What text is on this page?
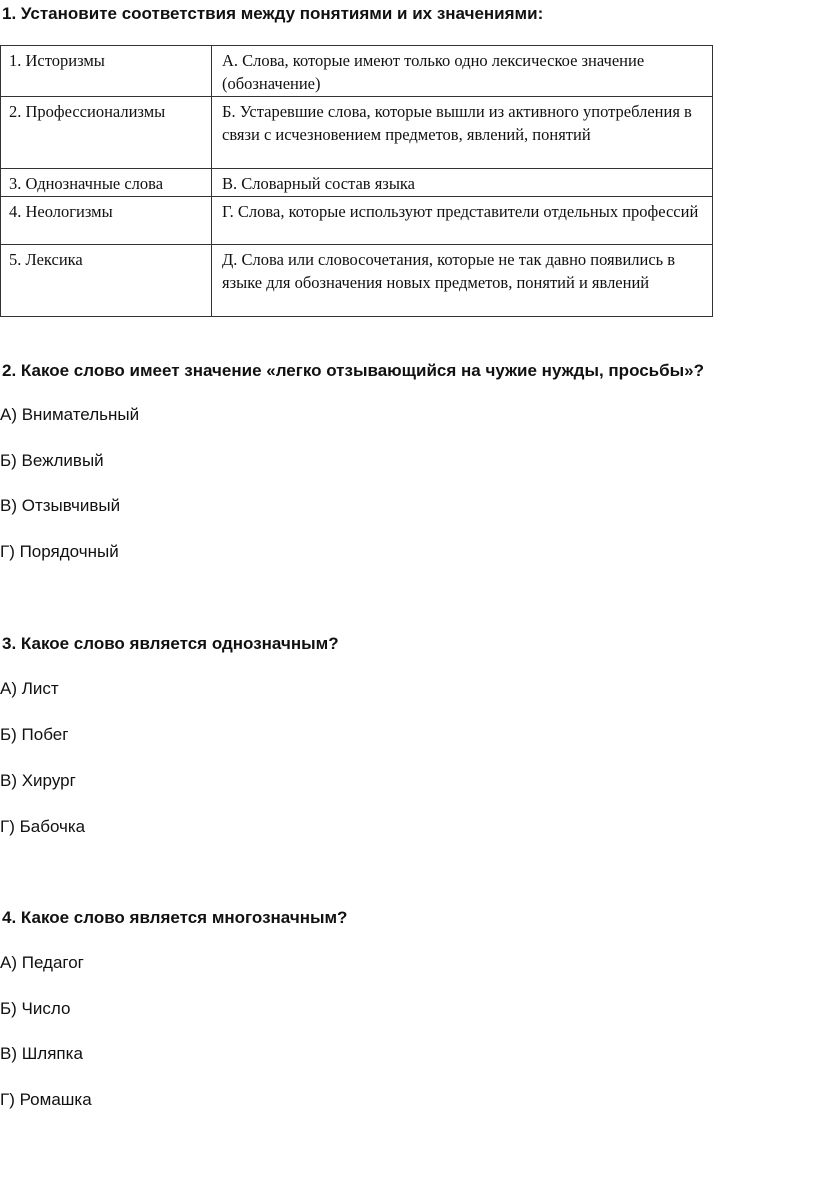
1. Установите соответствия между понятиями и их значениями:
1. Историзмы	А. Слова, которые имеют только одно лексическое значение (обозначение)
2. Профессионализмы	Б. Устаревшие слова, которые вышли из активного употребления в связи с исчезновением предметов, явлений, понятий
3. Однозначные слова	В. Словарный состав языка
4. Неологизмы	Г. Слова, которые используют представители отдельных профессий
5. Лексика	Д. Слова или словосочетания, которые не так давно появились в языке для обозначения новых предметов, понятий и явлений
2. Какое слово имеет значение «легко отзывающийся на чужие нужды, просьбы»?

А) Внимательный

Б) Вежливый

В) Отзывчивый

Г) Порядочный

3. Какое слово является однозначным?

А) Лист

Б) Побег

В) Хирург

Г) Бабочка

4. Какое слово является многозначным?

А) Педагог

Б) Число

В) Шляпка

Г) Ромашка
